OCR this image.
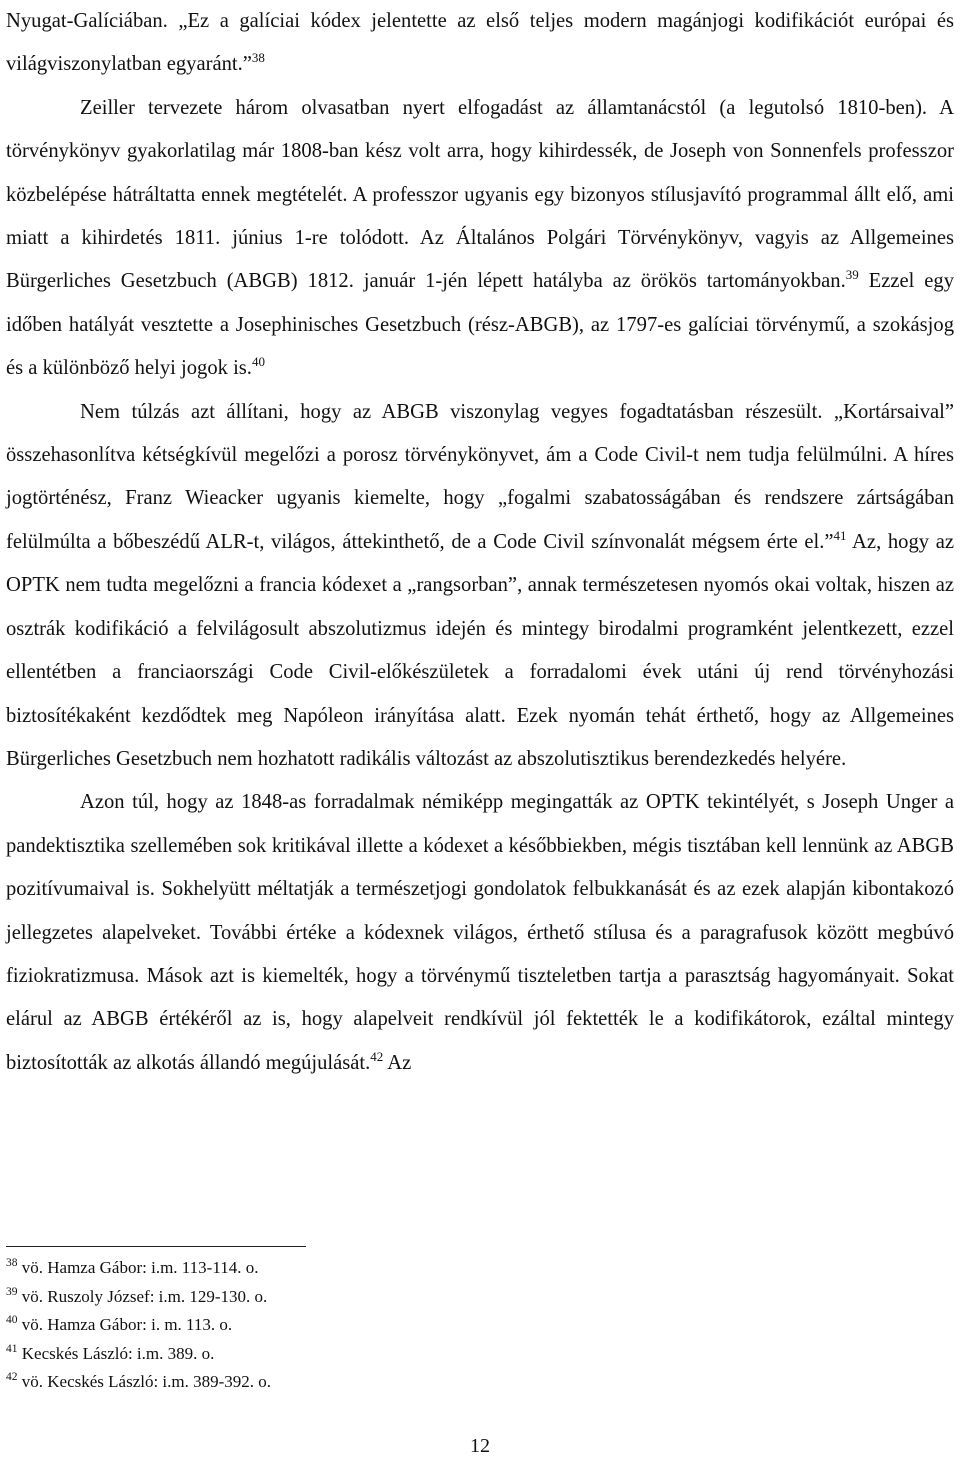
Nyugat-Galíciában. „Ez a galíciai kódex jelentette az első teljes modern magánjogi kodifikációt európai és világviszonylatban egyaránt.”$^{38}$

Zeiller tervezete három olvasatban nyert elfogadást az államtanácstól (a legutolsó 1810-ben). A törvénykönyv gyakorlatilag már 1808-ban kész volt arra, hogy kihirdessék, de Joseph von Sonnenfels professzor közbelépése hátráltatta ennek megtételét. A professzor ugyanis egy bizonyos stílusjavító programmal állt elő, ami miatt a kihirdetés 1811. június 1-re tolódott. Az Általános Polgári Törvénykönyv, vagyis az Allgemeines Bürgerliches Gesetzbuch (ABGB) 1812. január 1-jén lépett hatályba az örökös tartományokban.$^{39}$ Ezzel egy időben hatályát vesztette a Josephinisches Gesetzbuch (rész-ABGB), az 1797-es galíciai törvénymű, a szokásjog és a különböző helyi jogok is.$^{40}$

Nem túlzás azt állítani, hogy az ABGB viszonylag vegyes fogadtatásban részesült. „Kortársaival” összehasonlítva kétségkívül megelőzi a porosz törvénykönyvet, ám a Code Civil-t nem tudja felülmúlni. A híres jogtörténész, Franz Wieacker ugyanis kiemelte, hogy „fogalmi szabatosságában és rendszere zártságában felülmúlta a bőbeszédű ALR-t, világos, áttekinthető, de a Code Civil színvonalát mégsem érte el.”$^{41}$ Az, hogy az OPTK nem tudta megelőzni a francia kódexet a „rangsorban”, annak természetesen nyomós okai voltak, hiszen az osztrák kodifikáció a felvilágosult abszolutizmus idején és mintegy birodalmi programként jelentkezett, ezzel ellentétben a franciaországi Code Civil-előkészületek a forradalomi évek utáni új rend törvényhozási biztosítékaként kezdődtek meg Napóleon irányítása alatt. Ezek nyomán tehát érthető, hogy az Allgemeines Bürgerliches Gesetzbuch nem hozhatott radikális változást az abszolutisztikus berendezkedés helyére.

Azon túl, hogy az 1848-as forradalmak némiképp megingatták az OPTK tekintélyét, s Joseph Unger a pandektisztika szellemében sok kritikával illette a kódexet a későbbiekben, mégis tisztában kell lennünk az ABGB pozitívumaival is. Sokhelyütt méltatják a természetjogi gondolatok felbukkanását és az ezek alapján kibontakozó jellegzetes alapelveket. További értéke a kódexnek világos, érthető stílusa és a paragrafusok között megbúvó fiziokratizmusa. Mások azt is kiemelték, hogy a törvénymű tiszteletben tartja a parasztság hagyományait. Sokat elárul az ABGB értékéről az is, hogy alapelveit rendkívül jól fektették le a kodifikátorok, ezáltal mintegy biztosították az alkotás állandó megújulását.$^{42}$ Az

$^{38}$ vö. Hamza Gábor: i.m. 113-114. o.
$^{39}$ vö. Ruszoly József: i.m. 129-130. o.
$^{40}$ vö. Hamza Gábor: i. m. 113. o.
$^{41}$ Kecskés László: i.m. 389. o.
$^{42}$ vö. Kecskés László: i.m. 389-392. o.
12
